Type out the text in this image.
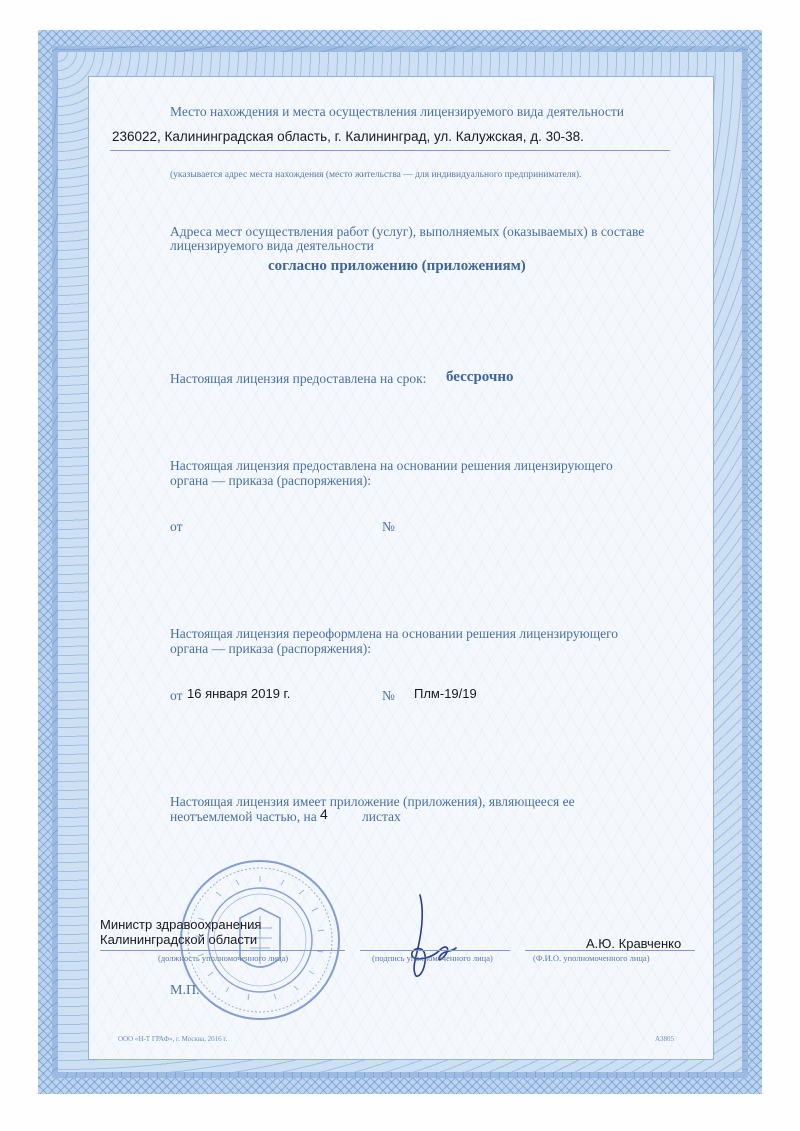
Место нахождения и места осуществления лицензируемого вида деятельности
236022, Калининградская область, г. Калининград, ул. Калужская, д. 30-38.
(указывается адрес места нахождения (место жительства — для индивидуального предпринимателя).
Адреса мест осуществления работ (услуг), выполняемых (оказываемых) в составе
лицензируемого вида деятельности
согласно приложению (приложениям)
Настоящая лицензия предоставлена на срок: бессрочно
Настоящая лицензия предоставлена на основании решения лицензирующего
органа — приказа (распоряжения):
от	№
Настоящая лицензия переоформлена на основании решения лицензирующего
органа — приказа (распоряжения):
от 16 января 2019 г.	№ Плм-19/19
Настоящая лицензия имеет приложение (приложения), являющееся ее
неотъемлемой частью, на 4	листах
Министр здравоохранения
Калининградской области	А.Ю. Кравченко
(должность уполномоченного лица)	(подпись уполномоченного лица)	(Ф.И.О. уполномоченного лица)
М.П.
ООО «Н-Т ГРАФ», г. Москва, 2016 г.	А3805
